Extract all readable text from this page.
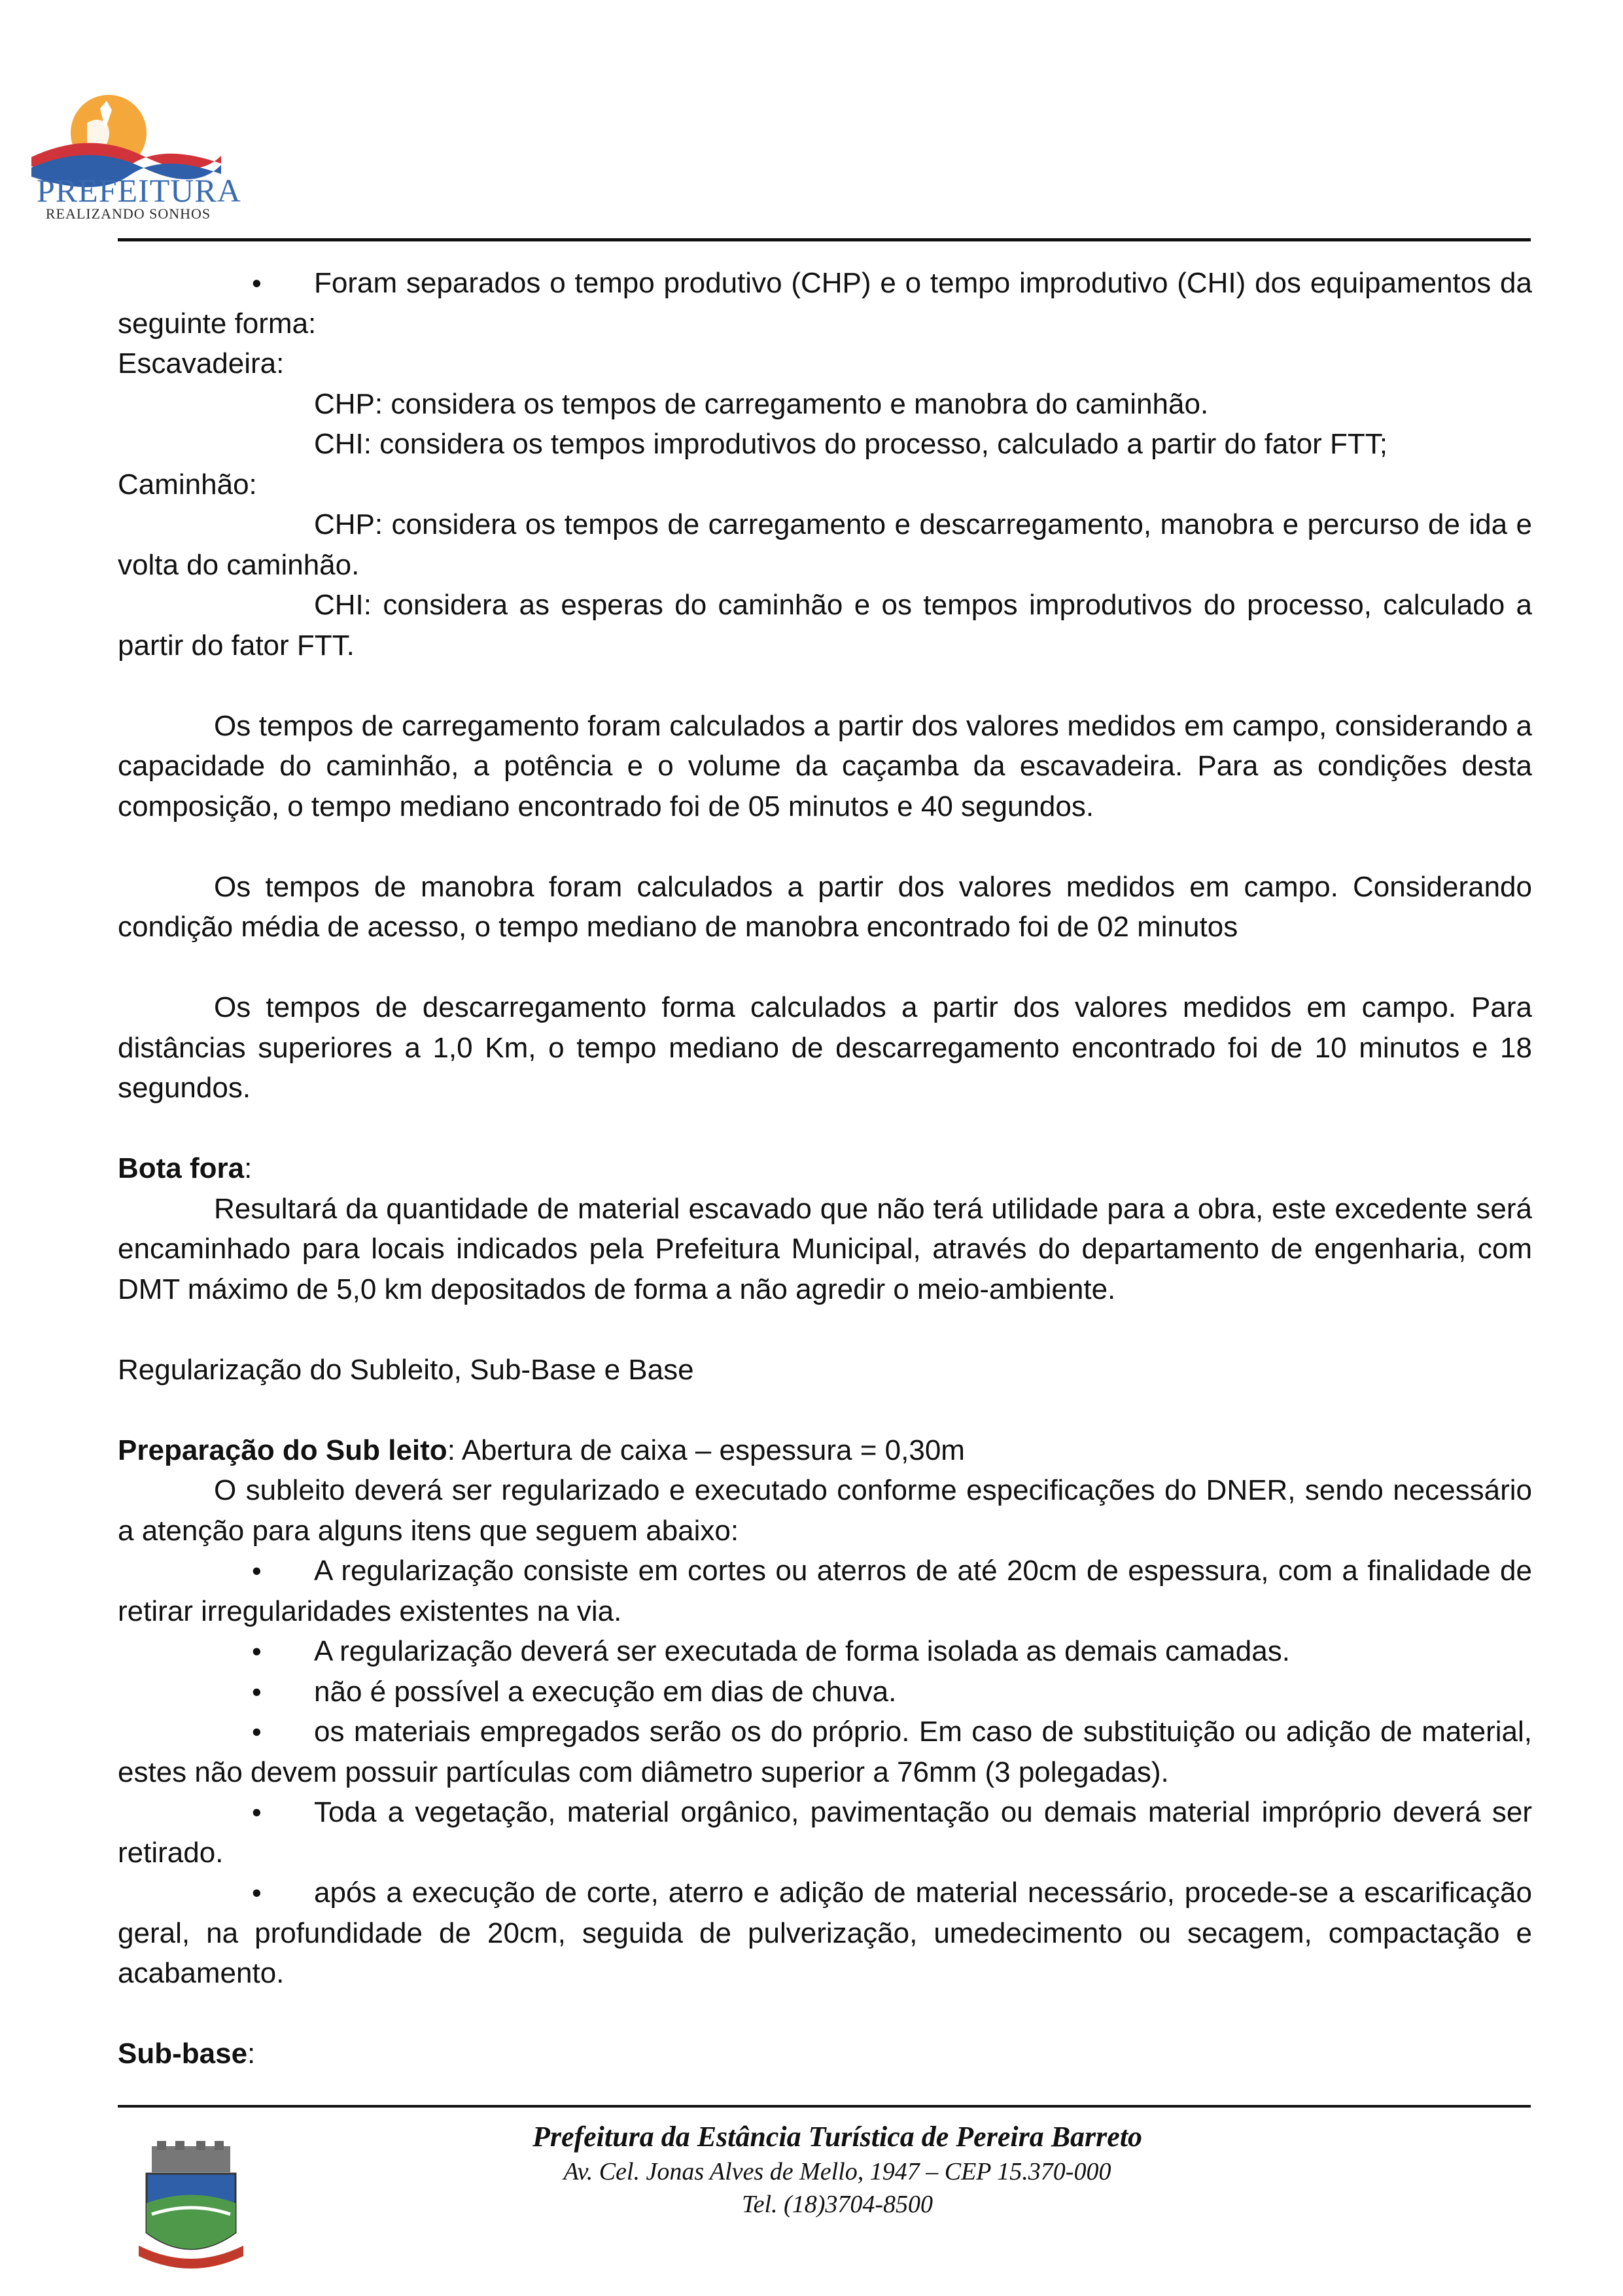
PREFEITURA
REALIZANDO SONHOS

• Foram separados o tempo produtivo (CHP) e o tempo improdutivo (CHI) dos equipamentos da seguinte forma:

Escavadeira:

CHP: considera os tempos de carregamento e manobra do caminhão.

CHI: considera os tempos improdutivos do processo, calculado a partir do fator FTT;

Caminhão:

CHP: considera os tempos de carregamento e descarregamento, manobra e percurso de ida e volta do caminhão.

CHI: considera as esperas do caminhão e os tempos improdutivos do processo, calculado a partir do fator FTT.

Os tempos de carregamento foram calculados a partir dos valores medidos em campo, considerando a capacidade do caminhão, a potência e o volume da caçamba da escavadeira. Para as condições desta composição, o tempo mediano encontrado foi de 05 minutos e 40 segundos.

Os tempos de manobra foram calculados a partir dos valores medidos em campo. Considerando condição média de acesso, o tempo mediano de manobra encontrado foi de 02 minutos

Os tempos de descarregamento forma calculados a partir dos valores medidos em campo. Para distâncias superiores a 1,0 Km, o tempo mediano de descarregamento encontrado foi de 10 minutos e 18 segundos.

Bota fora:

Resultará da quantidade de material escavado que não terá utilidade para a obra, este excedente será encaminhado para locais indicados pela Prefeitura Municipal, através do departamento de engenharia, com DMT máximo de 5,0 km depositados de forma a não agredir o meio-ambiente.

Regularização do Subleito, Sub-Base e Base

Preparação do Sub leito: Abertura de caixa – espessura = 0,30m

O subleito deverá ser regularizado e executado conforme especificações do DNER, sendo necessário a atenção para alguns itens que seguem abaixo:

• A regularização consiste em cortes ou aterros de até 20cm de espessura, com a finalidade de retirar irregularidades existentes na via.

• A regularização deverá ser executada de forma isolada as demais camadas.

• não é possível a execução em dias de chuva.

• os materiais empregados serão os do próprio. Em caso de substituição ou adição de material, estes não devem possuir partículas com diâmetro superior a 76mm (3 polegadas).

• Toda a vegetação, material orgânico, pavimentação ou demais material impróprio deverá ser retirado.

• após a execução de corte, aterro e adição de material necessário, procede-se a escarificação geral, na profundidade de 20cm, seguida de pulverização, umedecimento ou secagem, compactação e acabamento.

Sub-base:

Prefeitura da Estância Turística de Pereira Barreto
Av. Cel. Jonas Alves de Mello, 1947 – CEP 15.370-000
Tel. (18)3704-8500
